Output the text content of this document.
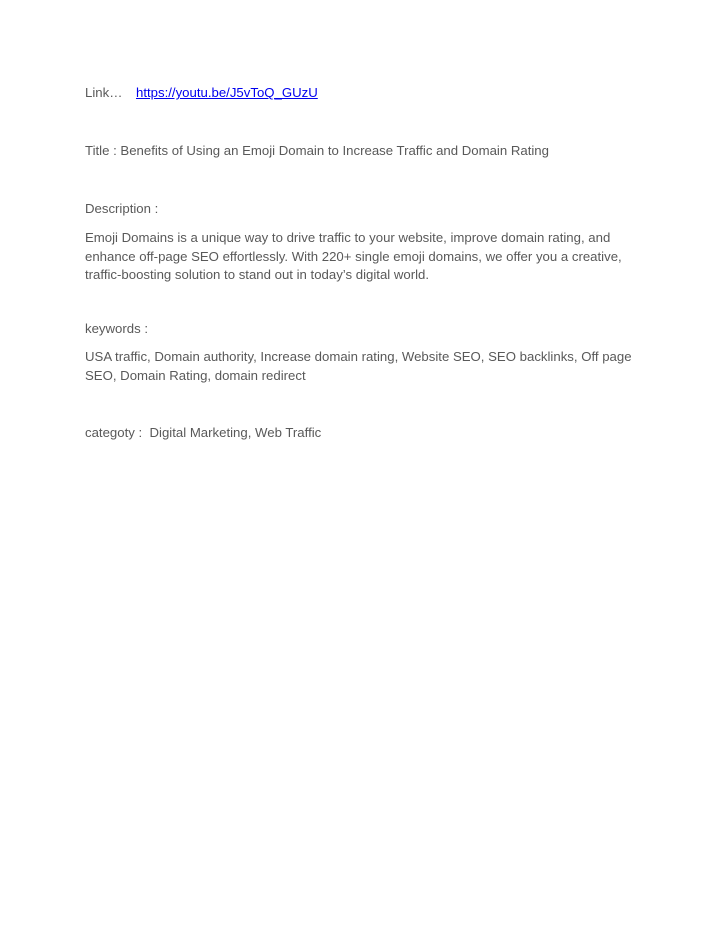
Link… https://youtu.be/J5vToQ_GUzU
Title : Benefits of Using an Emoji Domain to Increase Traffic and Domain Rating
Description :
Emoji Domains is a unique way to drive traffic to your website, improve domain rating, and enhance off-page SEO effortlessly. With 220+ single emoji domains, we offer you a creative, traffic-boosting solution to stand out in today’s digital world.
keywords :
USA traffic, Domain authority, Increase domain rating, Website SEO, SEO backlinks, Off page SEO, Domain Rating, domain redirect
categoty :  Digital Marketing, Web Traffic
